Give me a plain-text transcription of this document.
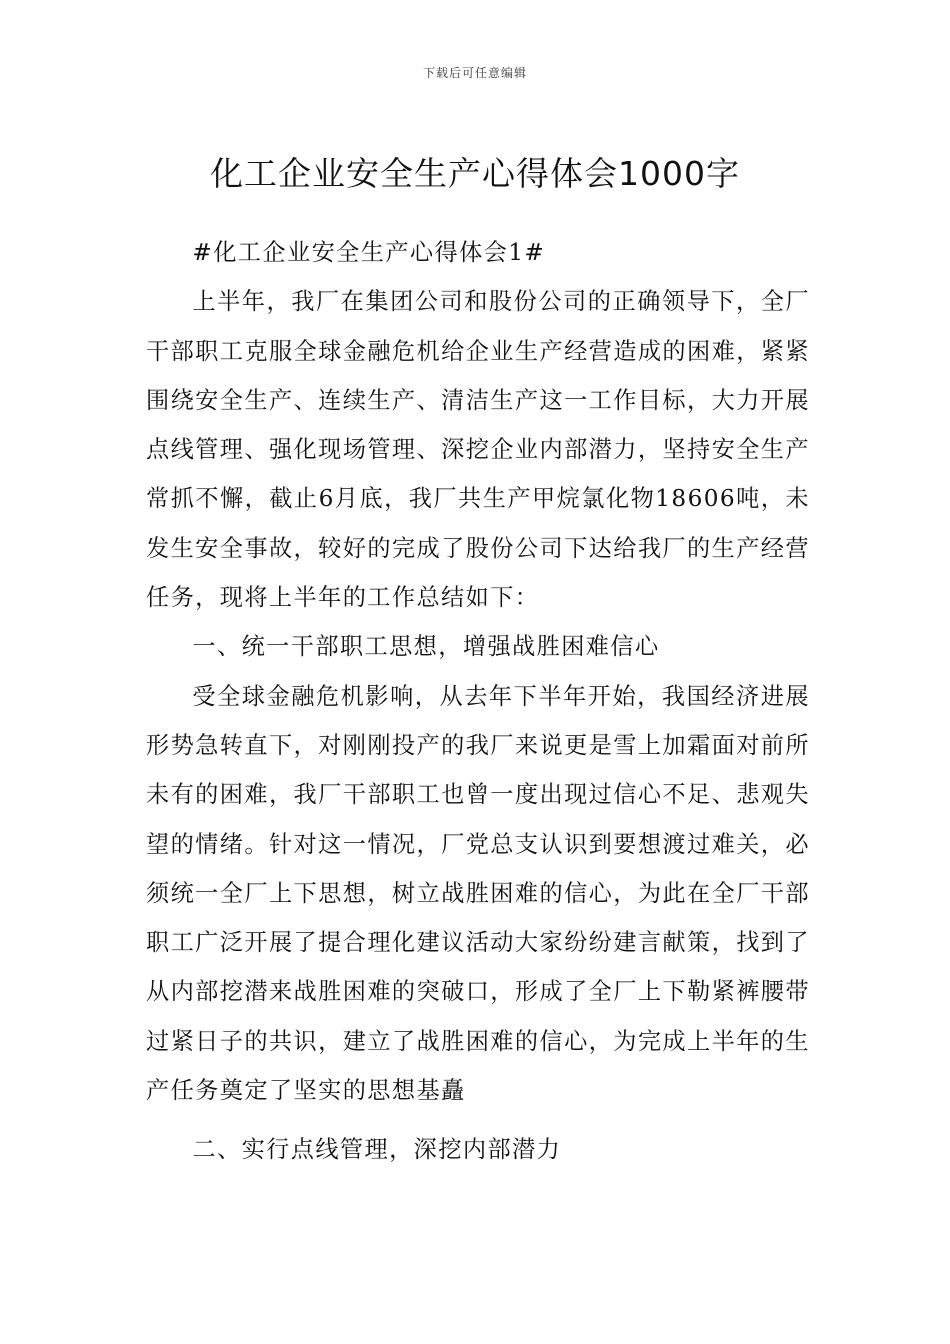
下载后可任意编辑
化工企业安全生产心得体会1000字

#化工企业安全生产心得体会1#

上半年，我厂在集团公司和股份公司的正确领导下，全厂干部职工克服全球金融危机给企业生产经营造成的困难，紧紧围绕安全生产、连续生产、清洁生产这一工作目标，大力开展点线管理、强化现场管理、深挖企业内部潜力，坚持安全生产常抓不懈，截止6月底，我厂共生产甲烷氯化物18606吨，未发生安全事故，较好的完成了股份公司下达给我厂的生产经营任务，现将上半年的工作总结如下：

一、统一干部职工思想，增强战胜困难信心

受全球金融危机影响，从去年下半年开始，我国经济进展形势急转直下，对刚刚投产的我厂来说更是雪上加霜面对前所未有的困难，我厂干部职工也曾一度出现过信心不足、悲观失望的情绪。针对这一情况，厂党总支认识到要想渡过难关，必须统一全厂上下思想，树立战胜困难的信心，为此在全厂干部职工广泛开展了提合理化建议活动大家纷纷建言献策，找到了从内部挖潜来战胜困难的突破口，形成了全厂上下勒紧裤腰带过紧日子的共识，建立了战胜困难的信心，为完成上半年的生产任务奠定了坚实的思想基矗

二、实行点线管理，深挖内部潜力
